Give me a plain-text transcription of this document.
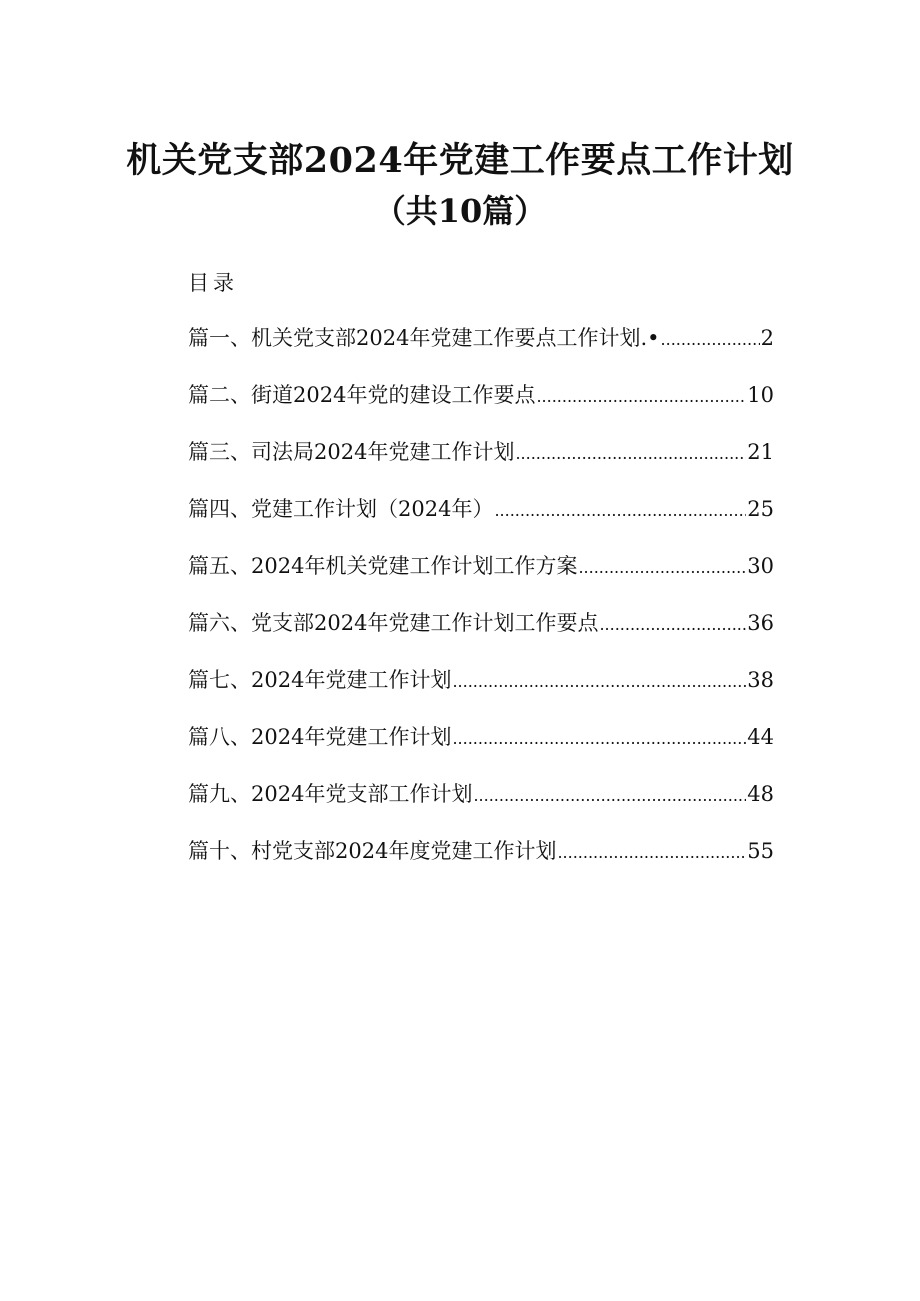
机关党支部2024年党建工作要点工作计划
（共10篇）
目录
篇一、机关党支部2024年党建工作要点工作计划.• .....	2
篇二、街道2024年党的建设工作要点 .....	10
篇三、司法局2024年党建工作计划 .....	21
篇四、党建工作计划（2024年） .....	25
篇五、2024年机关党建工作计划工作方案 .....	30
篇六、党支部2024年党建工作计划工作要点 .....	36
篇七、2024年党建工作计划 .....	38
篇八、2024年党建工作计划 .....	44
篇九、2024年党支部工作计划 .....	48
篇十、村党支部2024年度党建工作计划 .....	55
